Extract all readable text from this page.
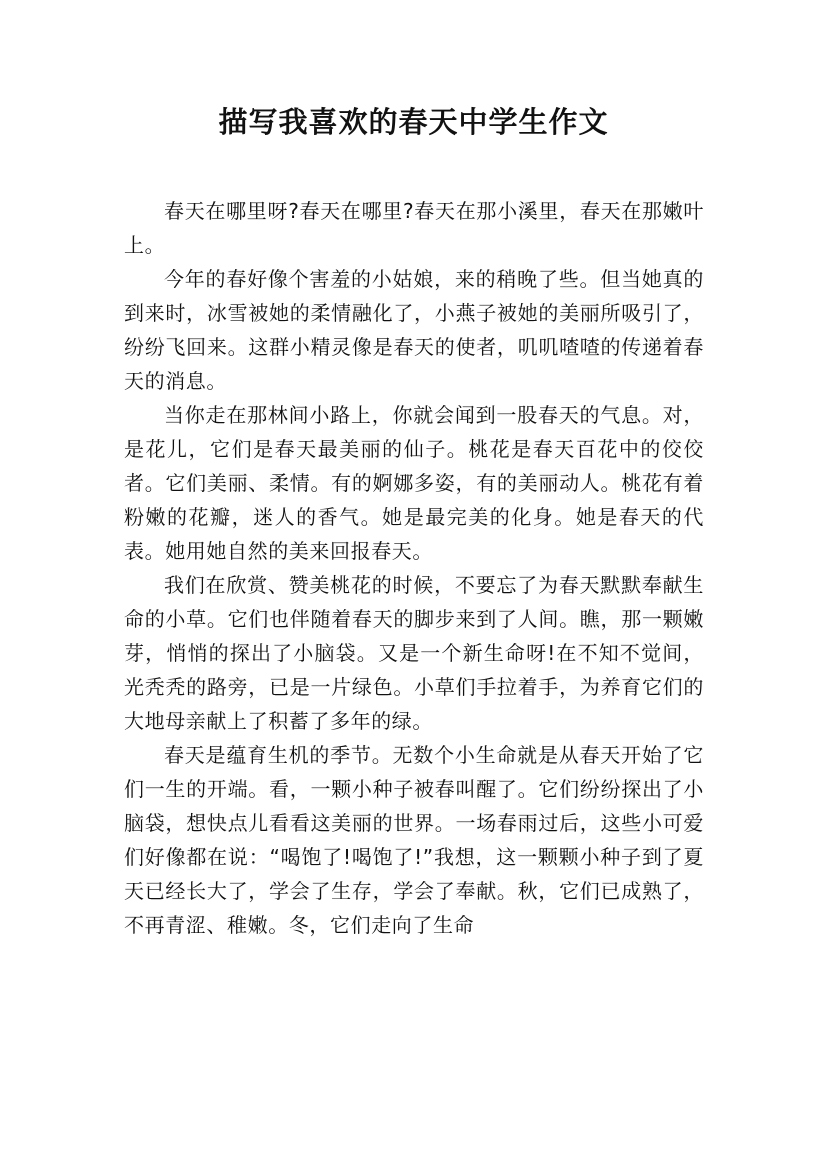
描写我喜欢的春天中学生作文

春天在哪里呀?春天在哪里?春天在那小溪里，春天在那嫩叶上。

今年的春好像个害羞的小姑娘，来的稍晚了些。但当她真的到来时，冰雪被她的柔情融化了，小燕子被她的美丽所吸引了，纷纷飞回来。这群小精灵像是春天的使者，叽叽喳喳的传递着春天的消息。

当你走在那林间小路上，你就会闻到一股春天的气息。对，是花儿，它们是春天最美丽的仙子。桃花是春天百花中的佼佼者。它们美丽、柔情。有的婀娜多姿，有的美丽动人。桃花有着粉嫩的花瓣，迷人的香气。她是最完美的化身。她是春天的代表。她用她自然的美来回报春天。

我们在欣赏、赞美桃花的时候，不要忘了为春天默默奉献生命的小草。它们也伴随着春天的脚步来到了人间。瞧，那一颗嫩芽，悄悄的探出了小脑袋。又是一个新生命呀!在不知不觉间，光秃秃的路旁，已是一片绿色。小草们手拉着手，为养育它们的大地母亲献上了积蓄了多年的绿。

春天是蕴育生机的季节。无数个小生命就是从春天开始了它们一生的开端。看，一颗小种子被春叫醒了。它们纷纷探出了小脑袋，想快点儿看看这美丽的世界。一场春雨过后，这些小可爱们好像都在说：“喝饱了!喝饱了!”我想，这一颗颗小种子到了夏天已经长大了，学会了生存，学会了奉献。秋，它们已成熟了，不再青涩、稚嫩。冬，它们走向了生命
